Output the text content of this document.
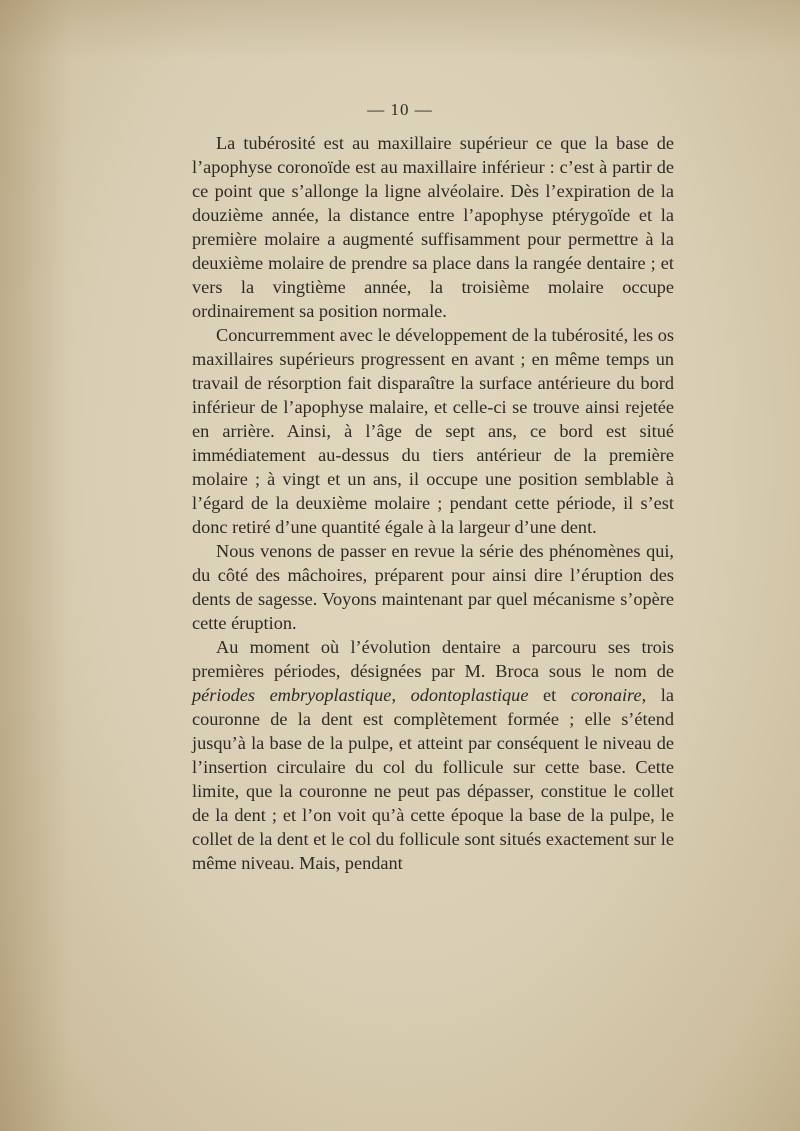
— 10 —

La tubérosité est au maxillaire supérieur ce que la base de l’apophyse coronoïde est au maxillaire inférieur : c’est à partir de ce point que s’allonge la ligne alvéolaire. Dès l’expiration de la douzième année, la distance entre l’apophyse ptérygoïde et la première molaire a augmenté suffisamment pour permettre à la deuxième molaire de prendre sa place dans la rangée dentaire ; et vers la vingtième année, la troisième molaire occupe ordinairement sa position normale.

Concurremment avec le développement de la tubérosité, les os maxillaires supérieurs progressent en avant ; en même temps un travail de résorption fait disparaître la surface antérieure du bord inférieur de l’apophyse malaire, et celle-ci se trouve ainsi rejetée en arrière. Ainsi, à l’âge de sept ans, ce bord est situé immédiatement au-dessus du tiers antérieur de la première molaire ; à vingt et un ans, il occupe une position semblable à l’égard de la deuxième molaire ; pendant cette période, il s’est donc retiré d’une quantité égale à la largeur d’une dent.

Nous venons de passer en revue la série des phénomènes qui, du côté des mâchoires, préparent pour ainsi dire l’éruption des dents de sagesse. Voyons maintenant par quel mécanisme s’opère cette éruption.

Au moment où l’évolution dentaire a parcouru ses trois premières périodes, désignées par M. Broca sous le nom de périodes embryoplastique, odontoplastique et coronaire, la couronne de la dent est complètement formée ; elle s’étend jusqu’à la base de la pulpe, et atteint par conséquent le niveau de l’insertion circulaire du col du follicule sur cette base. Cette limite, que la couronne ne peut pas dépasser, constitue le collet de la dent ; et l’on voit qu’à cette époque la base de la pulpe, le collet de la dent et le col du follicule sont situés exactement sur le même niveau. Mais, pendant
